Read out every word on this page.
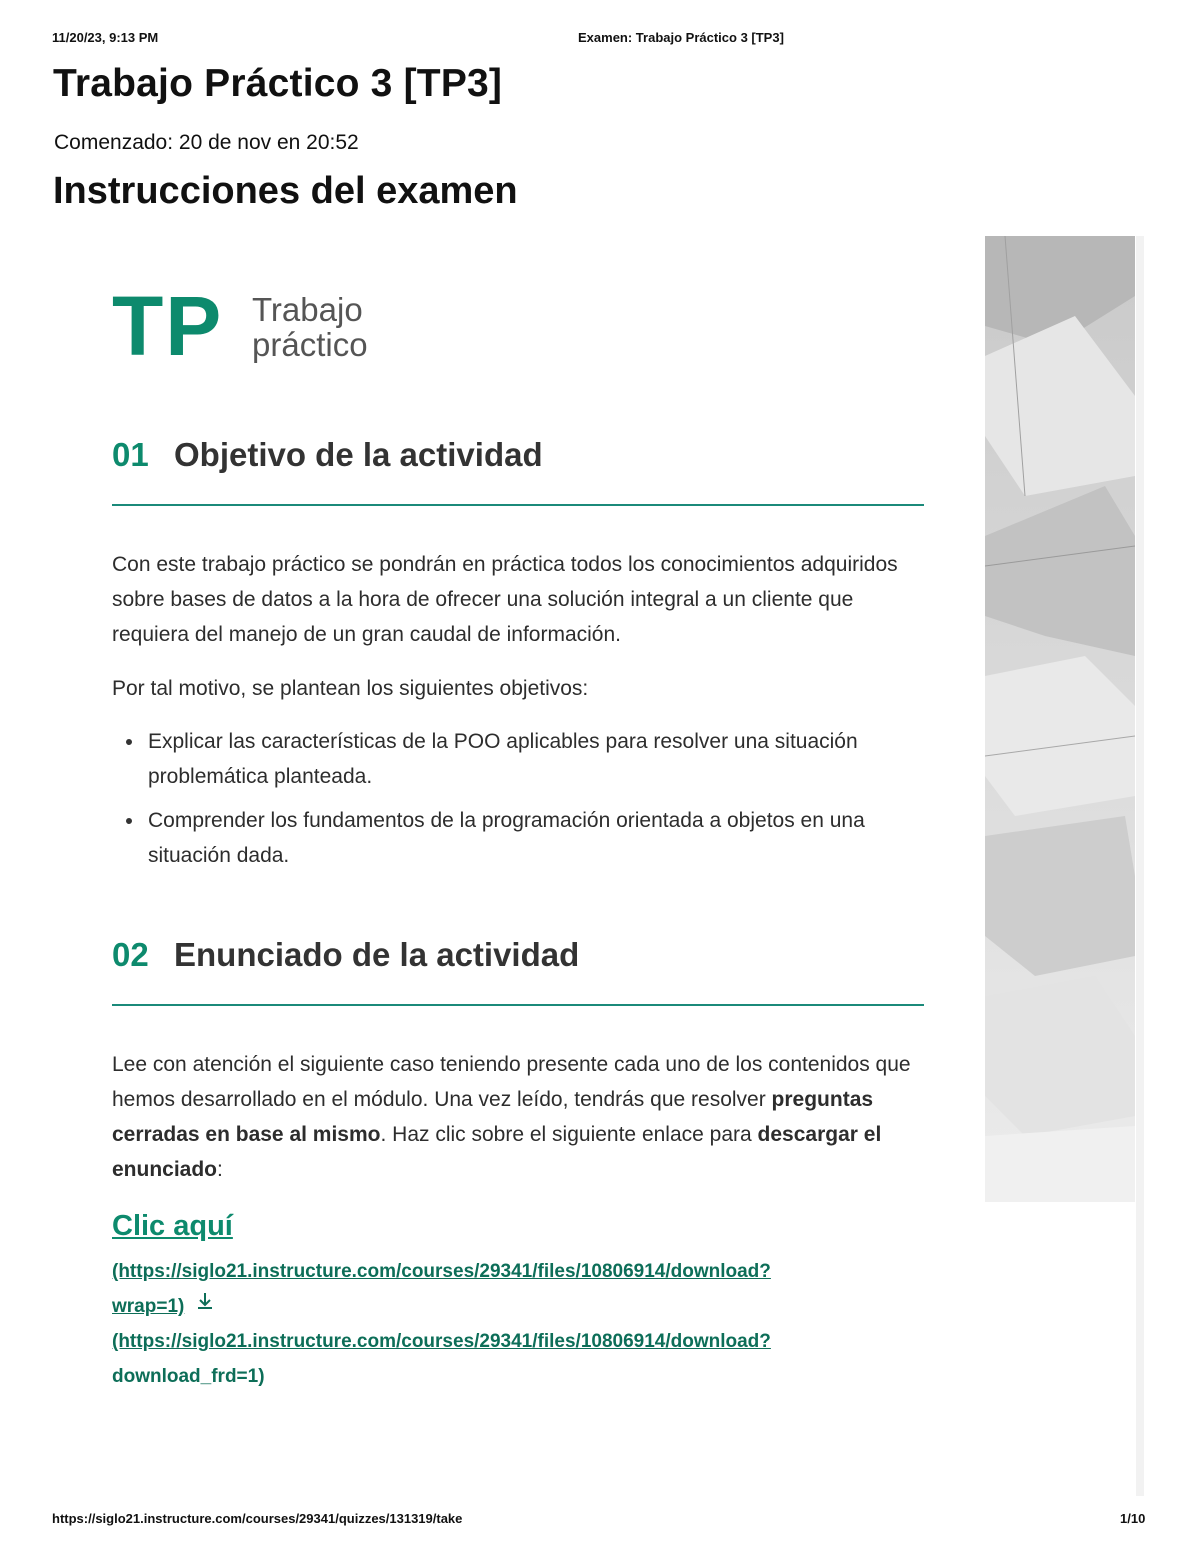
11/20/23, 9:13 PM	Examen: Trabajo Práctico 3 [TP3]
Trabajo Práctico 3 [TP3]
Comenzado: 20 de nov en 20:52
Instrucciones del examen
TP Trabajo
práctico
01 Objetivo de la actividad

Con este trabajo práctico se pondrán en práctica todos los conocimientos adquiridos sobre bases de datos a la hora de ofrecer una solución integral a un cliente que requiera del manejo de un gran caudal de información.

Por tal motivo, se plantean los siguientes objetivos:

Explicar las características de la POO aplicables para resolver una situación problemática planteada.
Comprender los fundamentos de la programación orientada a objetos en una situación dada.
02 Enunciado de la actividad

Lee con atención el siguiente caso teniendo presente cada uno de los contenidos que hemos desarrollado en el módulo. Una vez leído, tendrás que resolver preguntas cerradas en base al mismo. Haz clic sobre el siguiente enlace para descargar el enunciado:

Clic aquí
(https://siglo21.instructure.com/courses/29341/files/10806914/download?
wrap=1)
(https://siglo21.instructure.com/courses/29341/files/10806914/download?
download_frd=1)
https://siglo21.instructure.com/courses/29341/quizzes/131319/take	1/10
